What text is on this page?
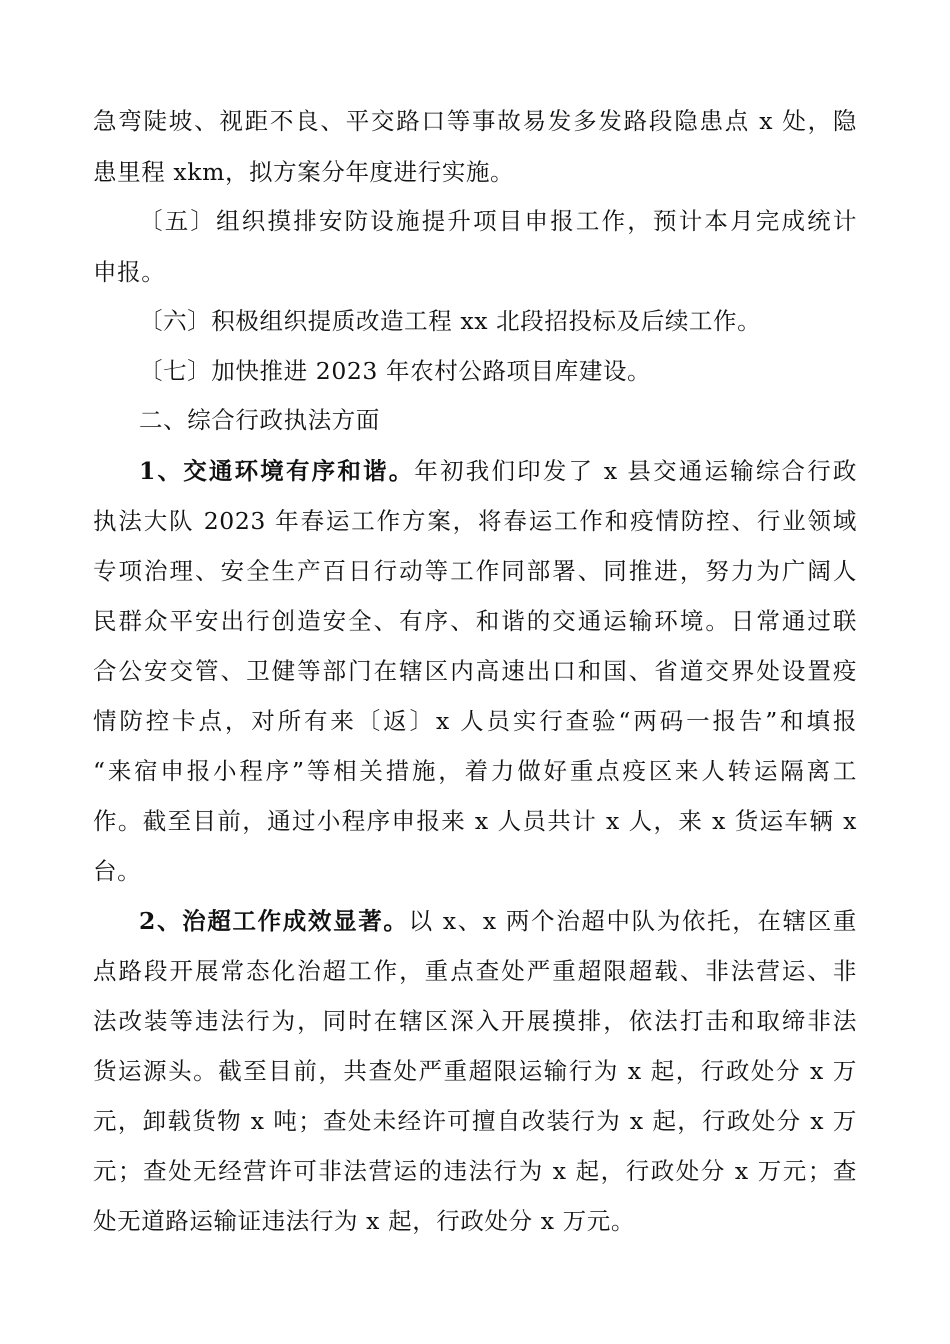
急弯陡坡、视距不良、平交路口等事故易发多发路段隐患点 x 处，隐
患里程 xkm，拟方案分年度进行实施。
〔五〕组织摸排安防设施提升项目申报工作，预计本月完成统计
申报。
〔六〕积极组织提质改造工程 xx 北段招投标及后续工作。
〔七〕加快推进 2023 年农村公路项目库建设。
二、综合行政执法方面
1、交通环境有序和谐。年初我们印发了 x 县交通运输综合行政
执法大队 2023 年春运工作方案，将春运工作和疫情防控、行业领域
专项治理、安全生产百日行动等工作同部署、同推进，努力为广阔人
民群众平安出行创造安全、有序、和谐的交通运输环境。日常通过联
合公安交管、卫健等部门在辖区内高速出口和国、省道交界处设置疫
情防控卡点，对所有来〔返〕x 人员实行查验“两码一报告”和填报
“来宿申报小程序”等相关措施，着力做好重点疫区来人转运隔离工
作。截至目前，通过小程序申报来 x 人员共计 x 人，来 x 货运车辆 x
台。
2、治超工作成效显著。以 x、x 两个治超中队为依托，在辖区重
点路段开展常态化治超工作，重点查处严重超限超载、非法营运、非
法改装等违法行为，同时在辖区深入开展摸排，依法打击和取缔非法
货运源头。截至目前，共查处严重超限运输行为 x 起，行政处分 x 万
元，卸载货物 x 吨；查处未经许可擅自改装行为 x 起，行政处分 x 万
元；查处无经营许可非法营运的违法行为 x 起，行政处分 x 万元；查
处无道路运输证违法行为 x 起，行政处分 x 万元。
